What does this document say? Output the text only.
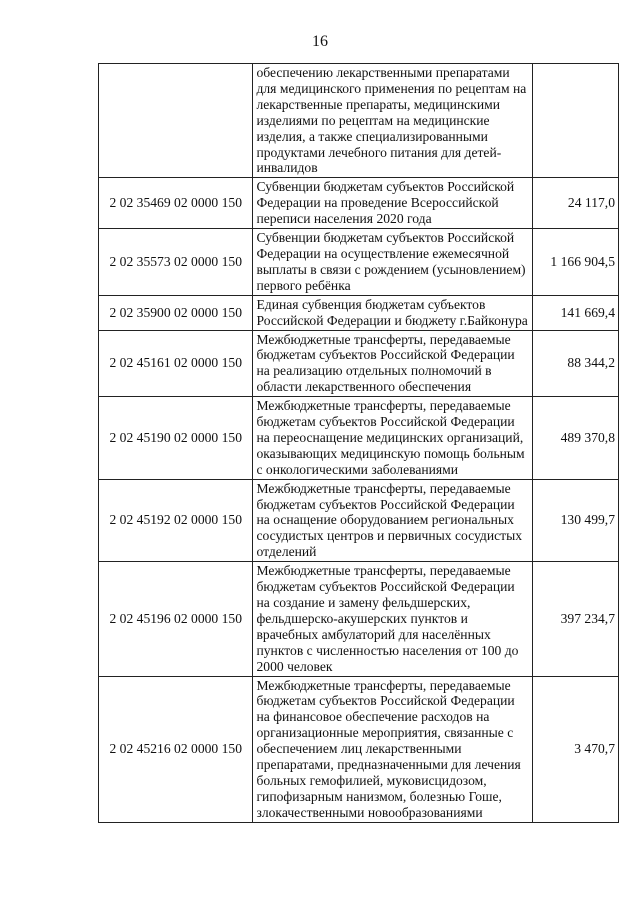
16
	обеспечению лекарственными препаратами для медицинского применения по рецептам на лекарственные препараты, медицинскими изделиями по рецептам на медицинские изделия, а также специализированными продуктами лечебного питания для детей-инвалидов	
2 02 35469 02 0000 150	Субвенции бюджетам субъектов Российской Федерации на проведение Всероссийской переписи населения 2020 года	24 117,0
2 02 35573 02 0000 150	Субвенции бюджетам субъектов Российской Федерации на осуществление ежемесячной выплаты в связи с рождением (усыновлением) первого ребёнка	1 166 904,5
2 02 35900 02 0000 150	Единая субвенция бюджетам субъектов Российской Федерации и бюджету г.Байконура	141 669,4
2 02 45161 02 0000 150	Межбюджетные трансферты, передаваемые бюджетам субъектов Российской Федерации на реализацию отдельных полномочий в области лекарственного обеспечения	88 344,2
2 02 45190 02 0000 150	Межбюджетные трансферты, передаваемые бюджетам субъектов Российской Федерации на переоснащение медицинских организаций, оказывающих медицинскую помощь больным с онкологическими заболеваниями	489 370,8
2 02 45192 02 0000 150	Межбюджетные трансферты, передаваемые бюджетам субъектов Российской Федерации на оснащение оборудованием региональных сосудистых центров и первичных сосудистых отделений	130 499,7
2 02 45196 02 0000 150	Межбюджетные трансферты, передаваемые бюджетам субъектов Российской Федерации на создание и замену фельдшерских, фельдшерско-акушерских пунктов и врачебных амбулаторий для населённых пунктов с численностью населения от 100 до 2000 человек	397 234,7
2 02 45216 02 0000 150	Межбюджетные трансферты, передаваемые бюджетам субъектов Российской Федерации на финансовое обеспечение расходов на организационные мероприятия, связанные с обеспечением лиц лекарственными препаратами, предназначенными для лечения больных гемофилией, муковисцидозом, гипофизарным нанизмом, болезнью Гоше, злокачественными новообразованиями	3 470,7
